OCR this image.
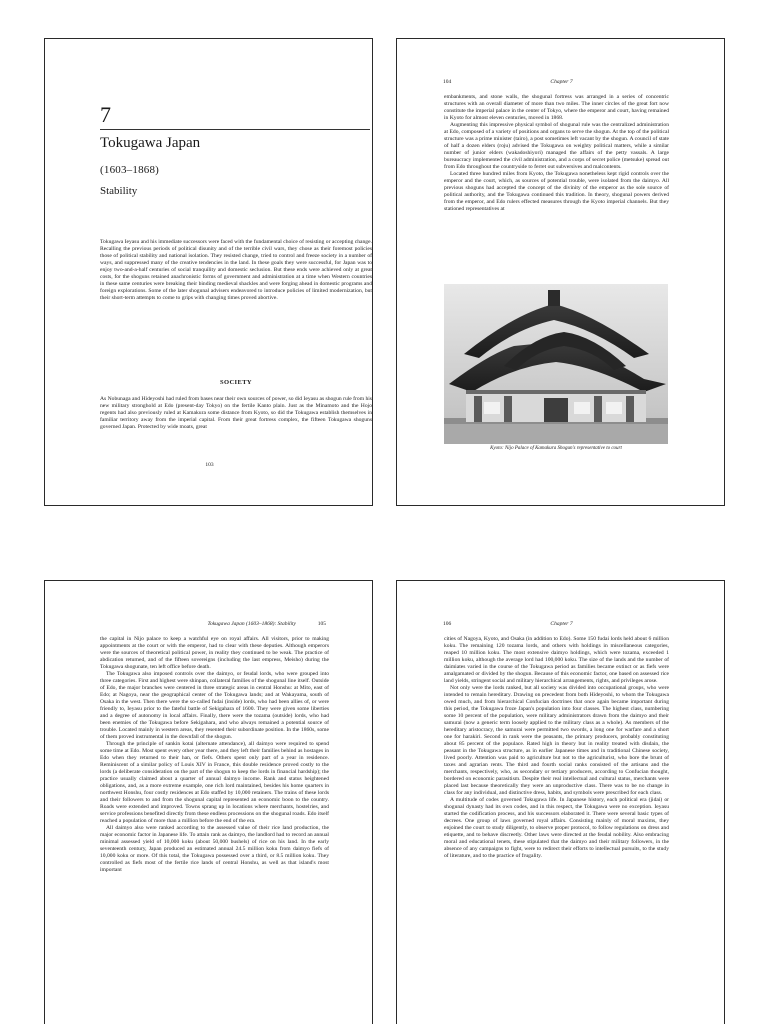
7
Tokugawa Japan
(1603–1868)
Stability

Tokugawa Ieyasu and his immediate successors were faced with the fundamental choice of resisting or accepting change. Recalling the previous periods of political disunity and of the terrible civil wars, they chose as their foremost policies those of political stability and national isolation. They resisted change, tried to control and freeze society in a number of ways, and suppressed many of the creative tendencies in the land. In these goals they were successful, for Japan was to enjoy two-and-a-half centuries of social tranquility and domestic seclusion. But these ends were achieved only at great costs, for the shoguns retained anachronistic forms of government and administration at a time when Western countries in these same centuries were breaking their binding medieval shackles and were forging ahead in domestic programs and foreign explorations. Some of the later shogunal advisers endeavored to introduce policies of limited modernization, but their short-term attempts to come to grips with changing times proved abortive.

SOCIETY

As Nobunaga and Hideyoshi had ruled from bases near their own sources of power, so did Ieyasu as shogun rule from his new military stronghold at Edo (present-day Tokyo) on the fertile Kanto plain. Just as the Minamoto and the Hojo regents had also previously ruled at Kamakura some distance from Kyoto, so did the Tokugawa establish themselves in familiar territory away from the imperial capital. From their great fortress complex, the fifteen Tokugawa shoguns governed Japan. Protected by wide moats, great

103
104	Chapter 7

embankments, and stone walls, the shogunal fortress was arranged in a series of concentric structures with an overall diameter of more than two miles. The inner circles of the great fort now constitute the imperial palace in the center of Tokyo, where the emperor and court, having remained in Kyoto for almost eleven centuries, moved in 1868.

Augmenting this impressive physical symbol of shogunal rule was the centralized administration at Edo, composed of a variety of positions and organs to serve the shogun. At the top of the political structure was a prime minister (tairo), a post sometimes left vacant by the shogun. A council of state of half a dozen elders (roju) advised the Tokugawa on weighty political matters, while a similar number of junior elders (wakadoshiyori) managed the affairs of the petty vassals. A large bureaucracy implemented the civil administration, and a corps of secret police (metsuke) spread out from Edo throughout the countryside to ferret out subversives and malcontents.

Located three hundred miles from Kyoto, the Tokugawa nonetheless kept rigid controls over the emperor and the court, which, as sources of potential trouble, were isolated from the daimyo. All previous shoguns had accepted the concept of the divinity of the emperor as the sole source of political authority, and the Tokugawa continued this tradition. In theory, shogunal powers derived from the emperor, and Edo rulers effected measures through the Kyoto imperial channels. But they stationed representatives at

Kyoto: Nijo Palace of Kamakura Shogun's representative to court
Tokugawa Japan (1603–1868): Stability	105

the capital in Nijo palace to keep a watchful eye on royal affairs. All visitors, prior to making appointments at the court or with the emperor, had to clear with these deputies. Although emperors were the sources of theoretical political power, in reality they continued to be weak. The practice of abdication returned, and of the fifteen sovereigns (including the last empress, Meisho) during the Tokugawa shogunate, ten left office before death.

The Tokugawa also imposed controls over the daimyo, or feudal lords, who were grouped into three categories. First and highest were shinpan, collateral families of the shogunal line itself. Outside of Edo, the major branches were centered in three strategic areas in central Honshu: at Mito, east of Edo; at Nagoya, near the geographical center of the Tokugawa lands; and at Wakayama, south of Osaka in the west. Then there were the so-called fudai (inside) lords, who had been allies of, or were friendly to, Ieyasu prior to the fateful battle of Sekigahara of 1600. They were given some liberties and a degree of autonomy in local affairs. Finally, there were the tozama (outside) lords, who had been enemies of the Tokugawa before Sekigahara, and who always remained a potential source of trouble. Located mainly in western areas, they resented their subordinate position. In the 1860s, some of them proved instrumental in the downfall of the shogun.

Through the principle of sankin kotai (alternate attendance), all daimyo were required to spend some time at Edo. Most spent every other year there, and they left their families behind as hostages in Edo when they returned to their han, or fiefs. Others spent only part of a year in residence. Reminiscent of a similar policy of Louis XIV in France, this double residence proved costly to the lords (a deliberate consideration on the part of the shogun to keep the lords in financial hardship); the practice usually claimed about a quarter of annual daimyo income. Rank and status heightened obligations, and, as a more extreme example, one rich lord maintained, besides his home quarters in northwest Honshu, four costly residences at Edo staffed by 10,000 retainers. The trains of these lords and their followers to and from the shogunal capital represented an economic boon to the country. Roads were extended and improved. Towns sprang up in locations where merchants, hostelries, and service professions benefited directly from these endless processions on the shogunal roads. Edo itself reached a population of more than a million before the end of the era.

All daimyo also were ranked according to the assessed value of their rice land production, the major economic factor in Japanese life. To attain rank as daimyo, the landlord had to record an annual minimal assessed yield of 10,000 koku (about 50,000 bushels) of rice on his land. In the early seventeenth century, Japan produced an estimated annual 24.5 million koku from daimyo fiefs of 10,000 koku or more. Of this total, the Tokugawa possessed over a third, or 8.5 million koku. They controlled as fiefs most of the fertile rice lands of central Honshu, as well as that island's most important

106	Chapter 7

cities of Nagoya, Kyoto, and Osaka (in addition to Edo). Some 150 fudai lords held about 6 million koku. The remaining 120 tozama lords, and others with holdings in miscellaneous categories, reaped 10 million koku. The most extensive daimyo holdings, which were tozama, exceeded 1 million koku, although the average lord had 100,000 koku. The size of the lands and the number of daimiates varied in the course of the Tokugawa period as families became extinct or as fiefs were amalgamated or divided by the shogun. Because of this economic factor, one based on assessed rice land yields, stringent social and military hierarchical arrangements, rights, and privileges arose.

Not only were the lords ranked, but all society was divided into occupational groups, who were intended to remain hereditary. Drawing on precedent from both Hideyoshi, to whom the Tokugawa owed much, and from hierarchical Confucian doctrines that once again became important during this period, the Tokugawa froze Japan's population into four classes. The highest class, numbering some 10 percent of the population, were military administrators drawn from the daimyo and their samurai (now a generic term loosely applied to the military class as a whole). As members of the hereditary aristocracy, the samurai were permitted two swords, a long one for warfare and a short one for harakiri. Second in rank were the peasants, the primary producers, probably constituting about 85 percent of the populace. Rated high in theory but in reality treated with disdain, the peasant in the Tokugawa structure, as in earlier Japanese times and in traditional Chinese society, lived poorly. Attention was paid to agriculture but not to the agriculturist, who bore the brunt of taxes and agrarian rents. The third and fourth social ranks consisted of the artisans and the merchants, respectively, who, as secondary or tertiary producers, according to Confucian thought, bordered on economic parasitism. Despite their real intellectual and cultural status, merchants were placed last because theoretically they were an unproductive class. There was to be no change in class for any individual, and distinctive dress, habits, and symbols were prescribed for each class.

A multitude of codes governed Tokugawa life. In Japanese history, each political era (jidai) or shogunal dynasty had its own codes, and in this respect, the Tokugawa were no exception. Ieyasu started the codification process, and his successors elaborated it. There were several basic types of decrees. One group of laws governed royal affairs. Consisting mainly of moral maxims, they enjoined the court to study diligently, to observe proper protocol, to follow regulations on dress and etiquette, and to behave discreetly. Other laws were directed at the feudal nobility. Also embracing moral and educational tenets, these stipulated that the daimyo and their military followers, in the absence of any campaigns to fight, were to redirect their efforts to intellectual pursuits, to the study of literature, and to the practice of frugality.
